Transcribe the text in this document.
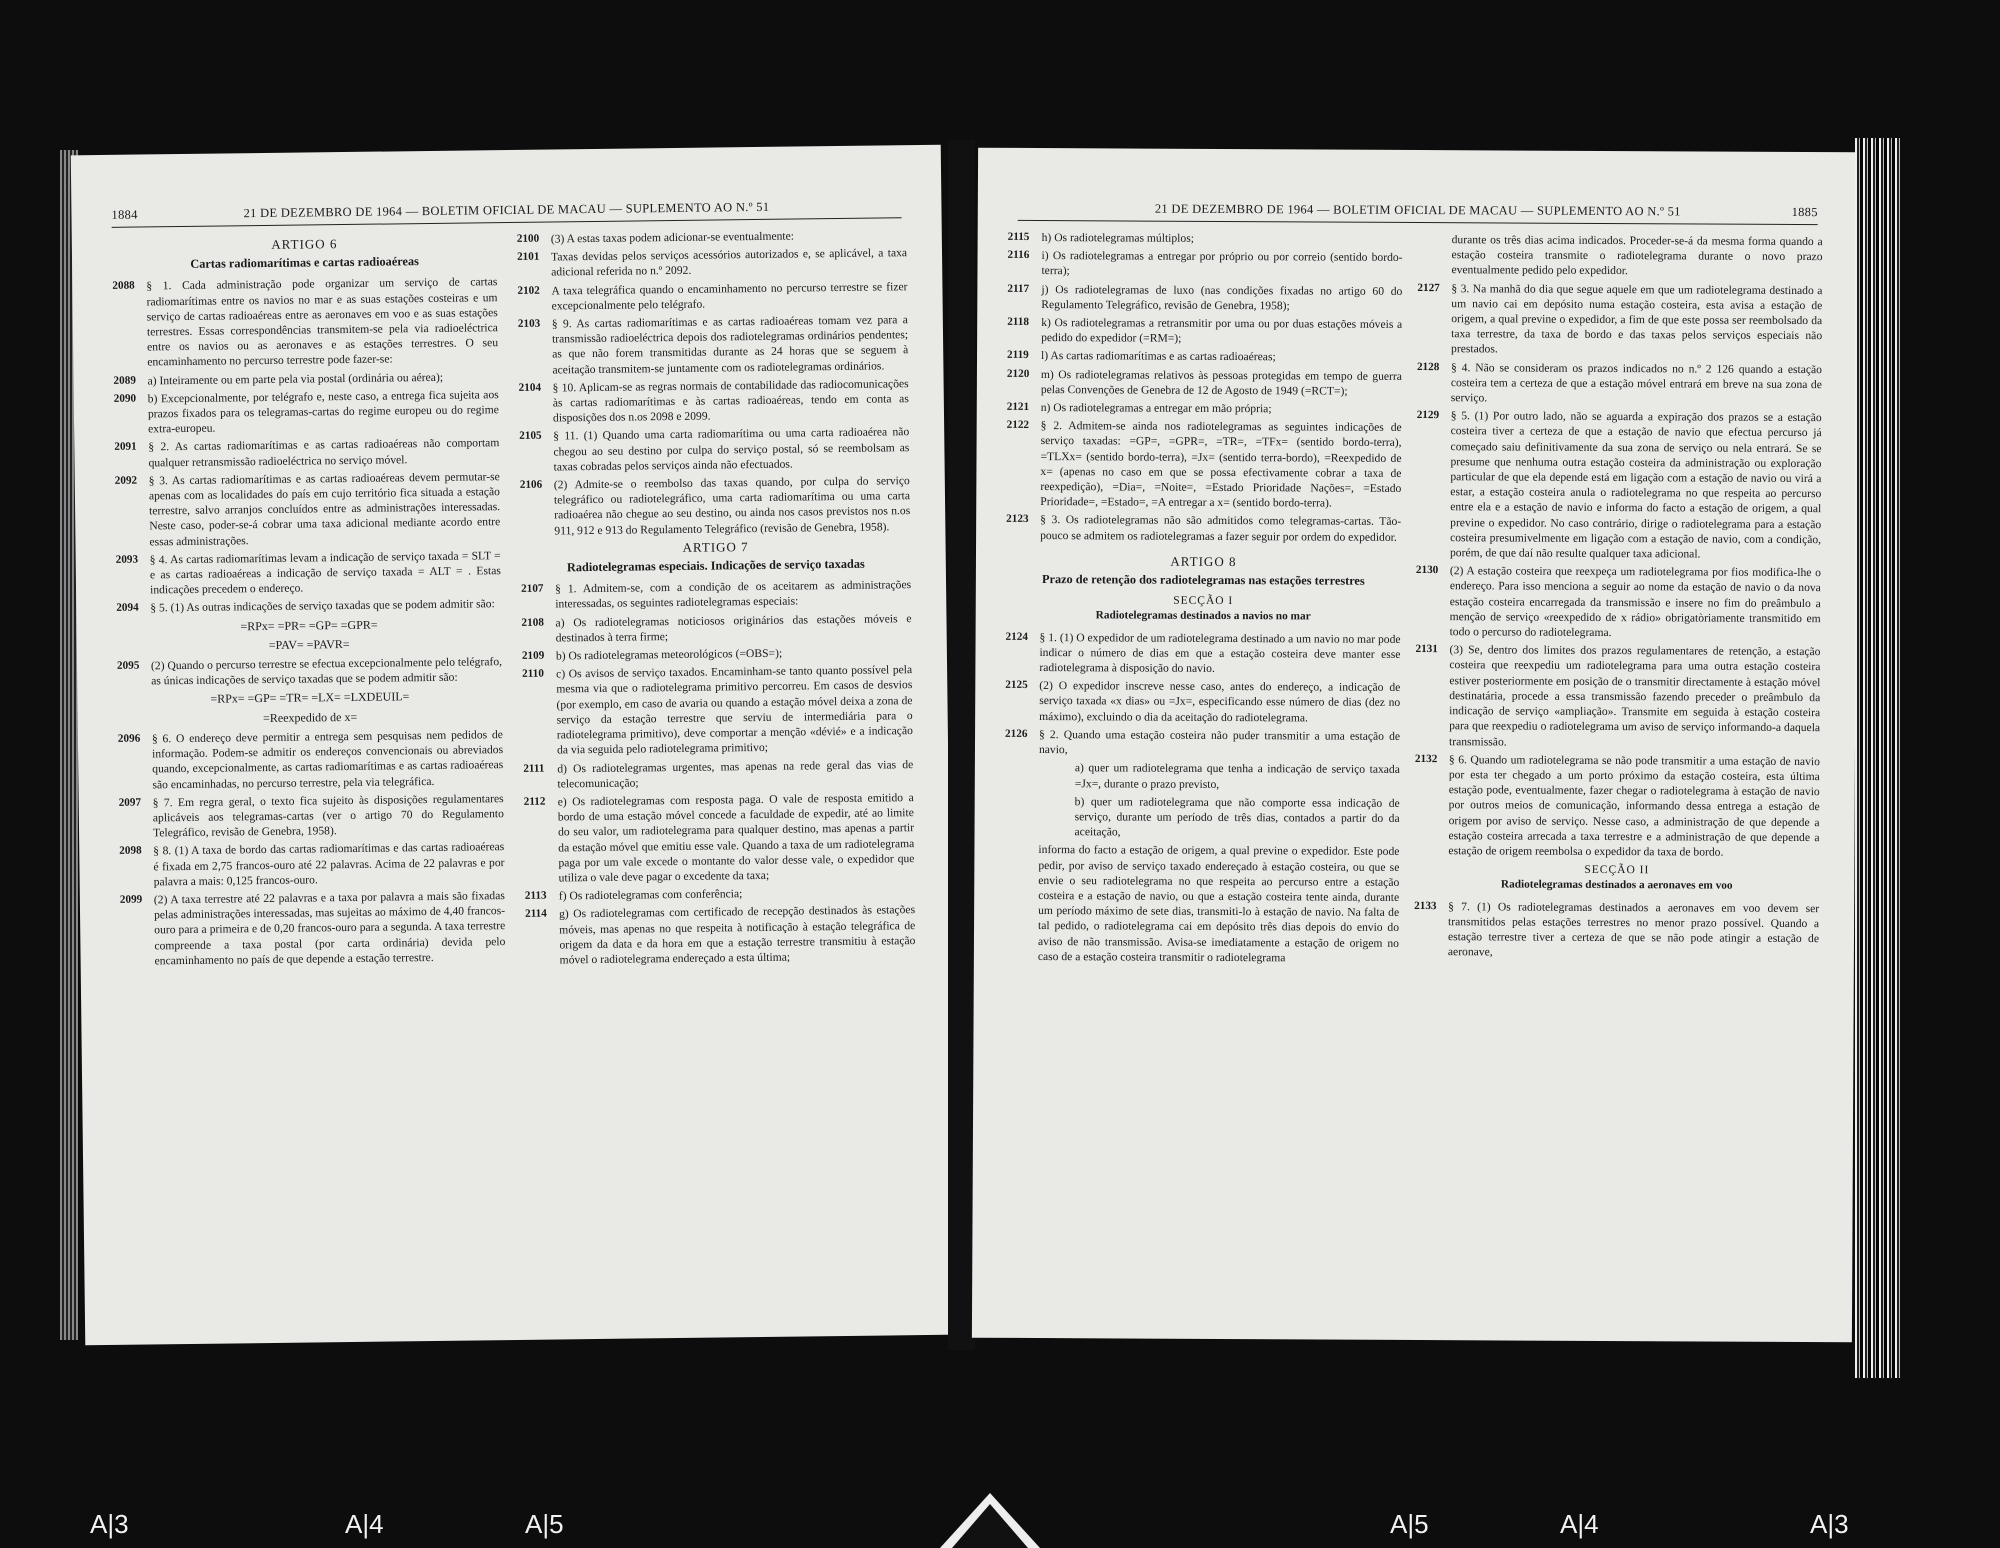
1884	21 DE DEZEMBRO DE 1964 — BOLETIM OFICIAL DE MACAU — SUPLEMENTO AO N.º 51
ARTIGO 6
Cartas radiomarítimas e cartas radioaéreas
2088 § 1. Cada administração pode organizar um serviço de cartas radiomarítimas entre os navios no mar e as suas estações costeiras e um serviço de cartas radioaéreas entre as aeronaves em voo e as suas estações terrestres. Essas correspondências transmitem-se pela via radioeléctrica entre os navios ou as aeronaves e as estações terrestres. O seu encaminhamento no percurso terrestre pode fazer-se:
2089 a) Inteiramente ou em parte pela via postal (ordinária ou aérea);
2090 b) Excepcionalmente, por telégrafo e, neste caso, a entrega fica sujeita aos prazos fixados para os telegramas-cartas do regime europeu ou do regime extra-europeu.
2091 § 2. As cartas radiomarítimas e as cartas radioaéreas não comportam qualquer retransmissão radioeléctrica no serviço móvel.
2092 § 3. As cartas radiomarítimas e as cartas radioaéreas devem permutar-se apenas com as localidades do país em cujo território fica situada a estação terrestre, salvo arranjos concluídos entre as administrações interessadas. Neste caso, poder-se-á cobrar uma taxa adicional mediante acordo entre essas administrações.
2093 § 4. As cartas radiomarítimas levam a indicação de serviço taxada = SLT = e as cartas radioaéreas a indicação de serviço taxada = ALT = . Estas indicações precedem o endereço.
2094 § 5. (1) As outras indicações de serviço taxadas que se podem admitir são:
=RPx= =PR= =GP= =GPR=
=PAV= =PAVR=
2095 (2) Quando o percurso terrestre se efectua excepcionalmente pelo telégrafo, as únicas indicações de serviço taxadas que se podem admitir são:
=RPx= =GP= =TR= =LX= =LXDEUIL=
=Reexpedido de x=
2096 § 6. O endereço deve permitir a entrega sem pesquisas nem pedidos de informação. Podem-se admitir os endereços convencionais ou abreviados quando, excepcionalmente, as cartas radiomarítimas e as cartas radioaéreas são encaminhadas, no percurso terrestre, pela via telegráfica.
2097 § 7. Em regra geral, o texto fica sujeito às disposições regulamentares aplicáveis aos telegramas-cartas (ver o artigo 70 do Regulamento Telegráfico, revisão de Genebra, 1958).
2098 § 8. (1) A taxa de bordo das cartas radiomarítimas e das cartas radioaéreas é fixada em 2,75 francos-ouro até 22 palavras. Acima de 22 palavras e por palavra a mais: 0,125 francos-ouro.
2099 (2) A taxa terrestre até 22 palavras e a taxa por palavra a mais são fixadas pelas administrações interessadas, mas sujeitas ao máximo de 4,40 francos-ouro para a primeira e de 0,20 francos-ouro para a segunda. A taxa terrestre compreende a taxa postal (por carta ordinária) devida pelo encaminhamento no país de que depende a estação terrestre.
2100 (3) A estas taxas podem adicionar-se eventualmente:
2101 Taxas devidas pelos serviços acessórios autorizados e, se aplicável, a taxa adicional referida no n.º 2092.
2102 A taxa telegráfica quando o encaminhamento no percurso terrestre se fizer excepcionalmente pelo telégrafo.
2103 § 9. As cartas radiomarítimas e as cartas radioaéreas tomam vez para a transmissão radioeléctrica depois dos radiotelegramas ordinários pendentes; as que não forem transmitidas durante as 24 horas que se seguem à aceitação transmitem-se juntamente com os radiotelegramas ordinários.
2104 § 10. Aplicam-se as regras normais de contabilidade das radiocomunicações às cartas radiomarítimas e às cartas radioaéreas, tendo em conta as disposições dos n.os 2098 e 2099.
2105 § 11. (1) Quando uma carta radiomarítima ou uma carta radioaérea não chegou ao seu destino por culpa do serviço postal, só se reembolsam as taxas cobradas pelos serviços ainda não efectuados.
2106 (2) Admite-se o reembolso das taxas quando, por culpa do serviço telegráfico ou radiotelegráfico, uma carta radiomarítima ou uma carta radioaérea não chegue ao seu destino, ou ainda nos casos previstos nos n.os 911, 912 e 913 do Regulamento Telegráfico (revisão de Genebra, 1958).
ARTIGO 7
Radiotelegramas especiais. Indicações de serviço taxadas
2107 § 1. Admitem-se, com a condição de os aceitarem as administrações interessadas, os seguintes radiotelegramas especiais:
2108 a) Os radiotelegramas noticiosos originários das estações móveis e destinados à terra firme;
2109 b) Os radiotelegramas meteorológicos (=OBS=);
2110 c) Os avisos de serviço taxados. Encaminham-se tanto quanto possível pela mesma via que o radiotelegrama primitivo percorreu. Em casos de desvios (por exemplo, em caso de avaria ou quando a estação móvel deixa a zona de serviço da estação terrestre que serviu de intermediária para o radiotelegrama primitivo), deve comportar a menção «dévié» e a indicação da via seguida pelo radiotelegrama primitivo;
2111 d) Os radiotelegramas urgentes, mas apenas na rede geral das vias de telecomunicação;
2112 e) Os radiotelegramas com resposta paga. O vale de resposta emitido a bordo de uma estação móvel concede a faculdade de expedir, até ao limite do seu valor, um radiotelegrama para qualquer destino, mas apenas a partir da estação móvel que emitiu esse vale. Quando a taxa de um radiotelegrama paga por um vale excede o montante do valor desse vale, o expedidor que utiliza o vale deve pagar o excedente da taxa;
2113 f) Os radiotelegramas com conferência;
2114 g) Os radiotelegramas com certificado de recepção destinados às estações móveis, mas apenas no que respeita à notificação à estação telegráfica de origem da data e da hora em que a estação terrestre transmitiu à estação móvel o radiotelegrama endereçado a esta última;
21 DE DEZEMBRO DE 1964 — BOLETIM OFICIAL DE MACAU — SUPLEMENTO AO N.º 51	1885
2115 h) Os radiotelegramas múltiplos;
2116 i) Os radiotelegramas a entregar por próprio ou por correio (sentido bordo-terra);
2117 j) Os radiotelegramas de luxo (nas condições fixadas no artigo 60 do Regulamento Telegráfico, revisão de Genebra, 1958);
2118 k) Os radiotelegramas a retransmitir por uma ou por duas estações móveis a pedido do expedidor (=RM=);
2119 l) As cartas radiomarítimas e as cartas radioaéreas;
2120 m) Os radiotelegramas relativos às pessoas protegidas em tempo de guerra pelas Convenções de Genebra de 12 de Agosto de 1949 (=RCT=);
2121 n) Os radiotelegramas a entregar em mão própria;
2122 § 2. Admitem-se ainda nos radiotelegramas as seguintes indicações de serviço taxadas: =GP=, =GPR=, =TR=, =TFx= (sentido bordo-terra), =TLXx= (sentido bordo-terra), =Jx= (sentido terra-bordo), =Reexpedido de x= (apenas no caso em que se possa efectivamente cobrar a taxa de reexpedição), =Dia=, =Noite=, =Estado Prioridade Nações=, =Estado Prioridade=, =Estado=, =A entregar a x= (sentido bordo-terra).
2123 § 3. Os radiotelegramas não são admitidos como telegramas-cartas. Tão-pouco se admitem os radiotelegramas a fazer seguir por ordem do expedidor.
ARTIGO 8
Prazo de retenção dos radiotelegramas nas estações terrestres
SECÇÃO I
Radiotelegramas destinados a navios no mar
2124 § 1. (1) O expedidor de um radiotelegrama destinado a um navio no mar pode indicar o número de dias em que a estação costeira deve manter esse radiotelegrama à disposição do navio.
2125 (2) O expedidor inscreve nesse caso, antes do endereço, a indicação de serviço taxada «x dias» ou =Jx=, especificando esse número de dias (dez no máximo), excluindo o dia da aceitação do radiotelegrama.
2126 § 2. Quando uma estação costeira não puder transmitir a uma estação de navio,
a) quer um radiotelegrama que tenha a indicação de serviço taxada =Jx=, durante o prazo previsto,
b) quer um radiotelegrama que não comporte essa indicação de serviço, durante um período de três dias, contados a partir do da aceitação,
informa do facto a estação de origem, a qual previne o expedidor. Este pode pedir, por aviso de serviço taxado endereçado à estação costeira, ou que se envie o seu radiotelegrama no que respeita ao percurso entre a estação costeira e a estação de navio, ou que a estação costeira tente ainda, durante um período máximo de sete dias, transmiti-lo à estação de navio. Na falta de tal pedido, o radiotelegrama cai em depósito três dias depois do envio do aviso de não transmissão. Avisa-se imediatamente a estação de origem no caso de a estação costeira transmitir o radiotelegrama
durante os três dias acima indicados. Proceder-se-á da mesma forma quando a estação costeira transmite o radiotelegrama durante o novo prazo eventualmente pedido pelo expedidor.
2127 § 3. Na manhã do dia que segue aquele em que um radiotelegrama destinado a um navio cai em depósito numa estação costeira, esta avisa a estação de origem, a qual previne o expedidor, a fim de que este possa ser reembolsado da taxa terrestre, da taxa de bordo e das taxas pelos serviços especiais não prestados.
2128 § 4. Não se consideram os prazos indicados no n.º 2 126 quando a estação costeira tem a certeza de que a estação móvel entrará em breve na sua zona de serviço.
2129 § 5. (1) Por outro lado, não se aguarda a expiração dos prazos se a estação costeira tiver a certeza de que a estação de navio que efectua percurso já começado saiu definitivamente da sua zona de serviço ou nela entrará. Se se presume que nenhuma outra estação costeira da administração ou exploração particular de que ela depende está em ligação com a estação de navio ou virá a estar, a estação costeira anula o radiotelegrama no que respeita ao percurso entre ela e a estação de navio e informa do facto a estação de origem, a qual previne o expedidor. No caso contrário, dirige o radiotelegrama para a estação costeira presumivelmente em ligação com a estação de navio, com a condição, porém, de que daí não resulte qualquer taxa adicional.
2130 (2) A estação costeira que reexpeça um radiotelegrama por fios modifica-lhe o endereço. Para isso menciona a seguir ao nome da estação de navio o da nova estação costeira encarregada da transmissão e insere no fim do preâmbulo a menção de serviço «reexpedido de x rádio» obrigatòriamente transmitido em todo o percurso do radiotelegrama.
2131 (3) Se, dentro dos limites dos prazos regulamentares de retenção, a estação costeira que reexpediu um radiotelegrama para uma outra estação costeira estiver posteriormente em posição de o transmitir directamente à estação móvel destinatária, procede a essa transmissão fazendo preceder o preâmbulo da indicação de serviço «ampliação». Transmite em seguida à estação costeira para que reexpediu o radiotelegrama um aviso de serviço informando-a daquela transmissão.
2132 § 6. Quando um radiotelegrama se não pode transmitir a uma estação de navio por esta ter chegado a um porto próximo da estação costeira, esta última estação pode, eventualmente, fazer chegar o radiotelegrama à estação de navio por outros meios de comunicação, informando dessa entrega a estação de origem por aviso de serviço. Nesse caso, a administração de que depende a estação costeira arrecada a taxa terrestre e a administração de que depende a estação de origem reembolsa o expedidor da taxa de bordo.
SECÇÃO II
Radiotelegramas destinados a aeronaves em voo
2133 § 7. (1) Os radiotelegramas destinados a aeronaves em voo devem ser transmitidos pelas estações terrestres no menor prazo possível. Quando a estação terrestre tiver a certeza de que se não pode atingir a estação de aeronave,
A|3	A|4	A|5	A|5	A|4	A|3
